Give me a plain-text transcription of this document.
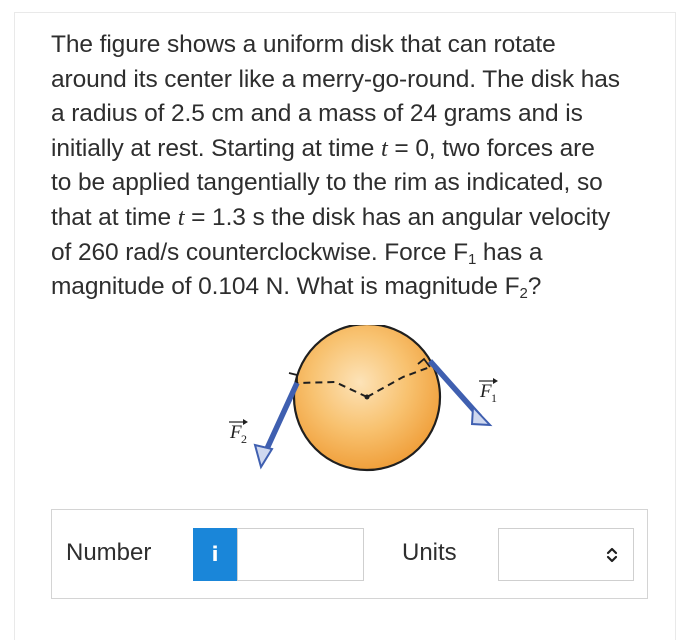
The figure shows a uniform disk that can rotate
around its center like a merry-go-round. The disk has
a radius of 2.5 cm and a mass of 24 grams and is
initially at rest. Starting at time t = 0, two forces are
to be applied tangentially to the rim as indicated, so
that at time t = 1.3 s the disk has an angular velocity
of 260 rad/s counterclockwise. Force $F_1$ has a
magnitude of 0.104 N. What is magnitude $F_2$?
F 1
F 2
Number	i	Units
